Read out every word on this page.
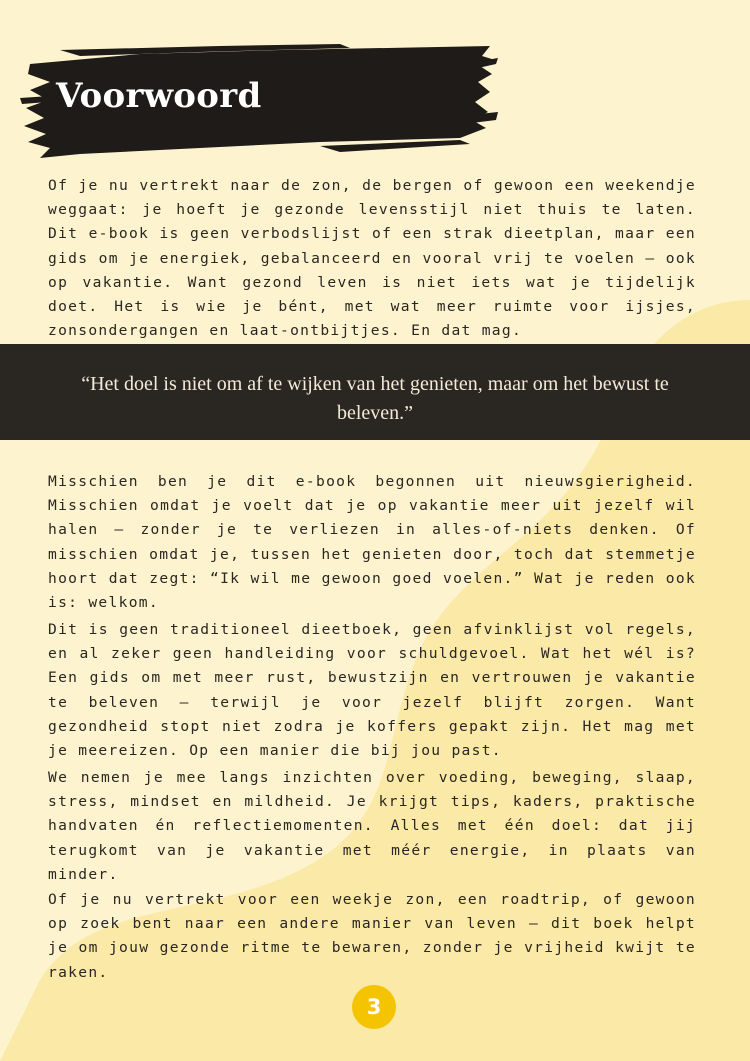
Voorwoord

Of je nu vertrekt naar de zon, de bergen of gewoon een weekendje weggaat: je hoeft je gezonde levensstijl niet thuis te laten. Dit e-book is geen verbodslijst of een strak dieetplan, maar een gids om je energiek, gebalanceerd en vooral vrij te voelen – ook op vakantie. Want gezond leven is niet iets wat je tijdelijk doet. Het is wie je bént, met wat meer ruimte voor ijsjes, zonsondergangen en laat-ontbijtjes. En dat mag.

“Het doel is niet om af te wijken van het genieten, maar om het bewust te beleven.”

Misschien ben je dit e-book begonnen uit nieuwsgierigheid. Misschien omdat je voelt dat je op vakantie meer uit jezelf wil halen — zonder je te verliezen in alles-of-niets denken. Of misschien omdat je, tussen het genieten door, toch dat stemmetje hoort dat zegt: “Ik wil me gewoon goed voelen.” Wat je reden ook is: welkom.

Dit is geen traditioneel dieetboek, geen afvinklijst vol regels, en al zeker geen handleiding voor schuldgevoel. Wat het wél is? Een gids om met meer rust, bewustzijn en vertrouwen je vakantie te beleven — terwijl je voor jezelf blijft zorgen. Want gezondheid stopt niet zodra je koffers gepakt zijn. Het mag met je meereizen. Op een manier die bij jou past.

We nemen je mee langs inzichten over voeding, beweging, slaap, stress, mindset en mildheid. Je krijgt tips, kaders, praktische handvaten én reflectiemomenten. Alles met één doel: dat jij terugkomt van je vakantie met méér energie, in plaats van minder.

Of je nu vertrekt voor een weekje zon, een roadtrip, of gewoon op zoek bent naar een andere manier van leven — dit boek helpt je om jouw gezonde ritme te bewaren, zonder je vrijheid kwijt te raken.

3
